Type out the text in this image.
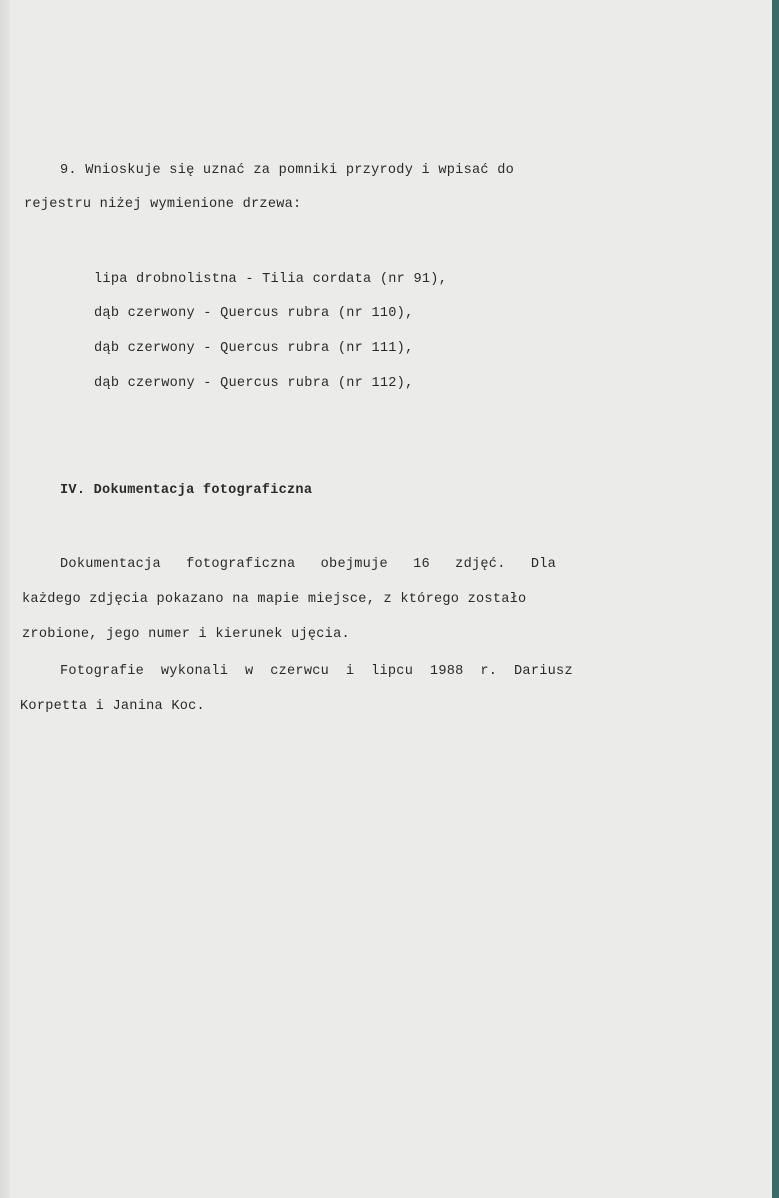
9. Wnioskuje się uznać za pomniki przyrody i wpisać do
rejestru niżej wymienione drzewa:
lipa drobnolistna - Tilia cordata (nr 91),
dąb czerwony - Quercus rubra (nr 110),
dąb czerwony - Quercus rubra (nr 111),
dąb czerwony - Quercus rubra (nr 112),
IV. Dokumentacja fotograficzna
Dokumentacja   fotograficzna   obejmuje   16   zdjęć.   Dla
każdego zdjęcia pokazano na mapie miejsce, z którego zostało
zrobione, jego numer i kierunek ujęcia.
Fotografie  wykonali  w  czerwcu  i  lipcu  1988  r.  Dariusz
Korpetta i Janina Koc.
